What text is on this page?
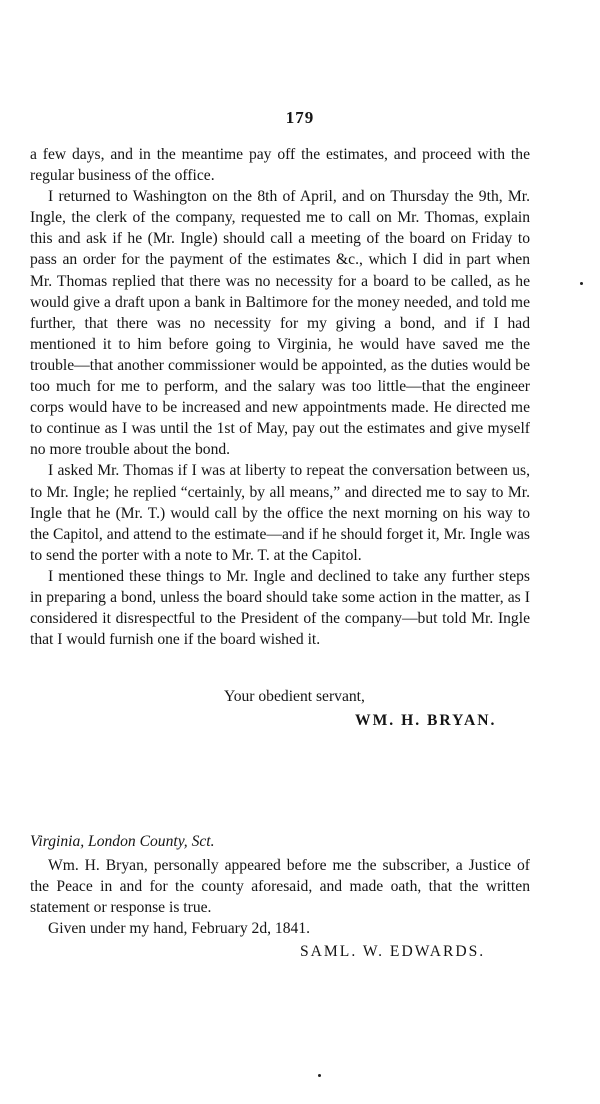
179

a few days, and in the meantime pay off the estimates, and proceed with the regular business of the office.

I returned to Washington on the 8th of April, and on Thursday the 9th, Mr. Ingle, the clerk of the company, requested me to call on Mr. Thomas, explain this and ask if he (Mr. Ingle) should call a meeting of the board on Friday to pass an order for the payment of the estimates &c., which I did in part when Mr. Thomas replied that there was no necessity for a board to be called, as he would give a draft upon a bank in Baltimore for the money needed, and told me further, that there was no necessity for my giving a bond, and if I had mentioned it to him before going to Virginia, he would have saved me the trouble—that another commissioner would be appointed, as the duties would be too much for me to perform, and the salary was too little—that the engineer corps would have to be increased and new appointments made. He directed me to continue as I was until the 1st of May, pay out the estimates and give myself no more trouble about the bond.

I asked Mr. Thomas if I was at liberty to repeat the conversation between us, to Mr. Ingle; he replied “certainly, by all means,” and directed me to say to Mr. Ingle that he (Mr. T.) would call by the office the next morning on his way to the Capitol, and attend to the estimate—and if he should forget it, Mr. Ingle was to send the porter with a note to Mr. T. at the Capitol.

I mentioned these things to Mr. Ingle and declined to take any further steps in preparing a bond, unless the board should take some action in the matter, as I considered it disrespectful to the President of the company—but told Mr. Ingle that I would furnish one if the board wished it.

Your obedient servant,
WM. H. BRYAN.
Virginia, London County, Sct.

Wm. H. Bryan, personally appeared before me the subscriber, a Justice of the Peace in and for the county aforesaid, and made oath, that the written statement or response is true.

Given under my hand, February 2d, 1841.

SAML. W. EDWARDS.
